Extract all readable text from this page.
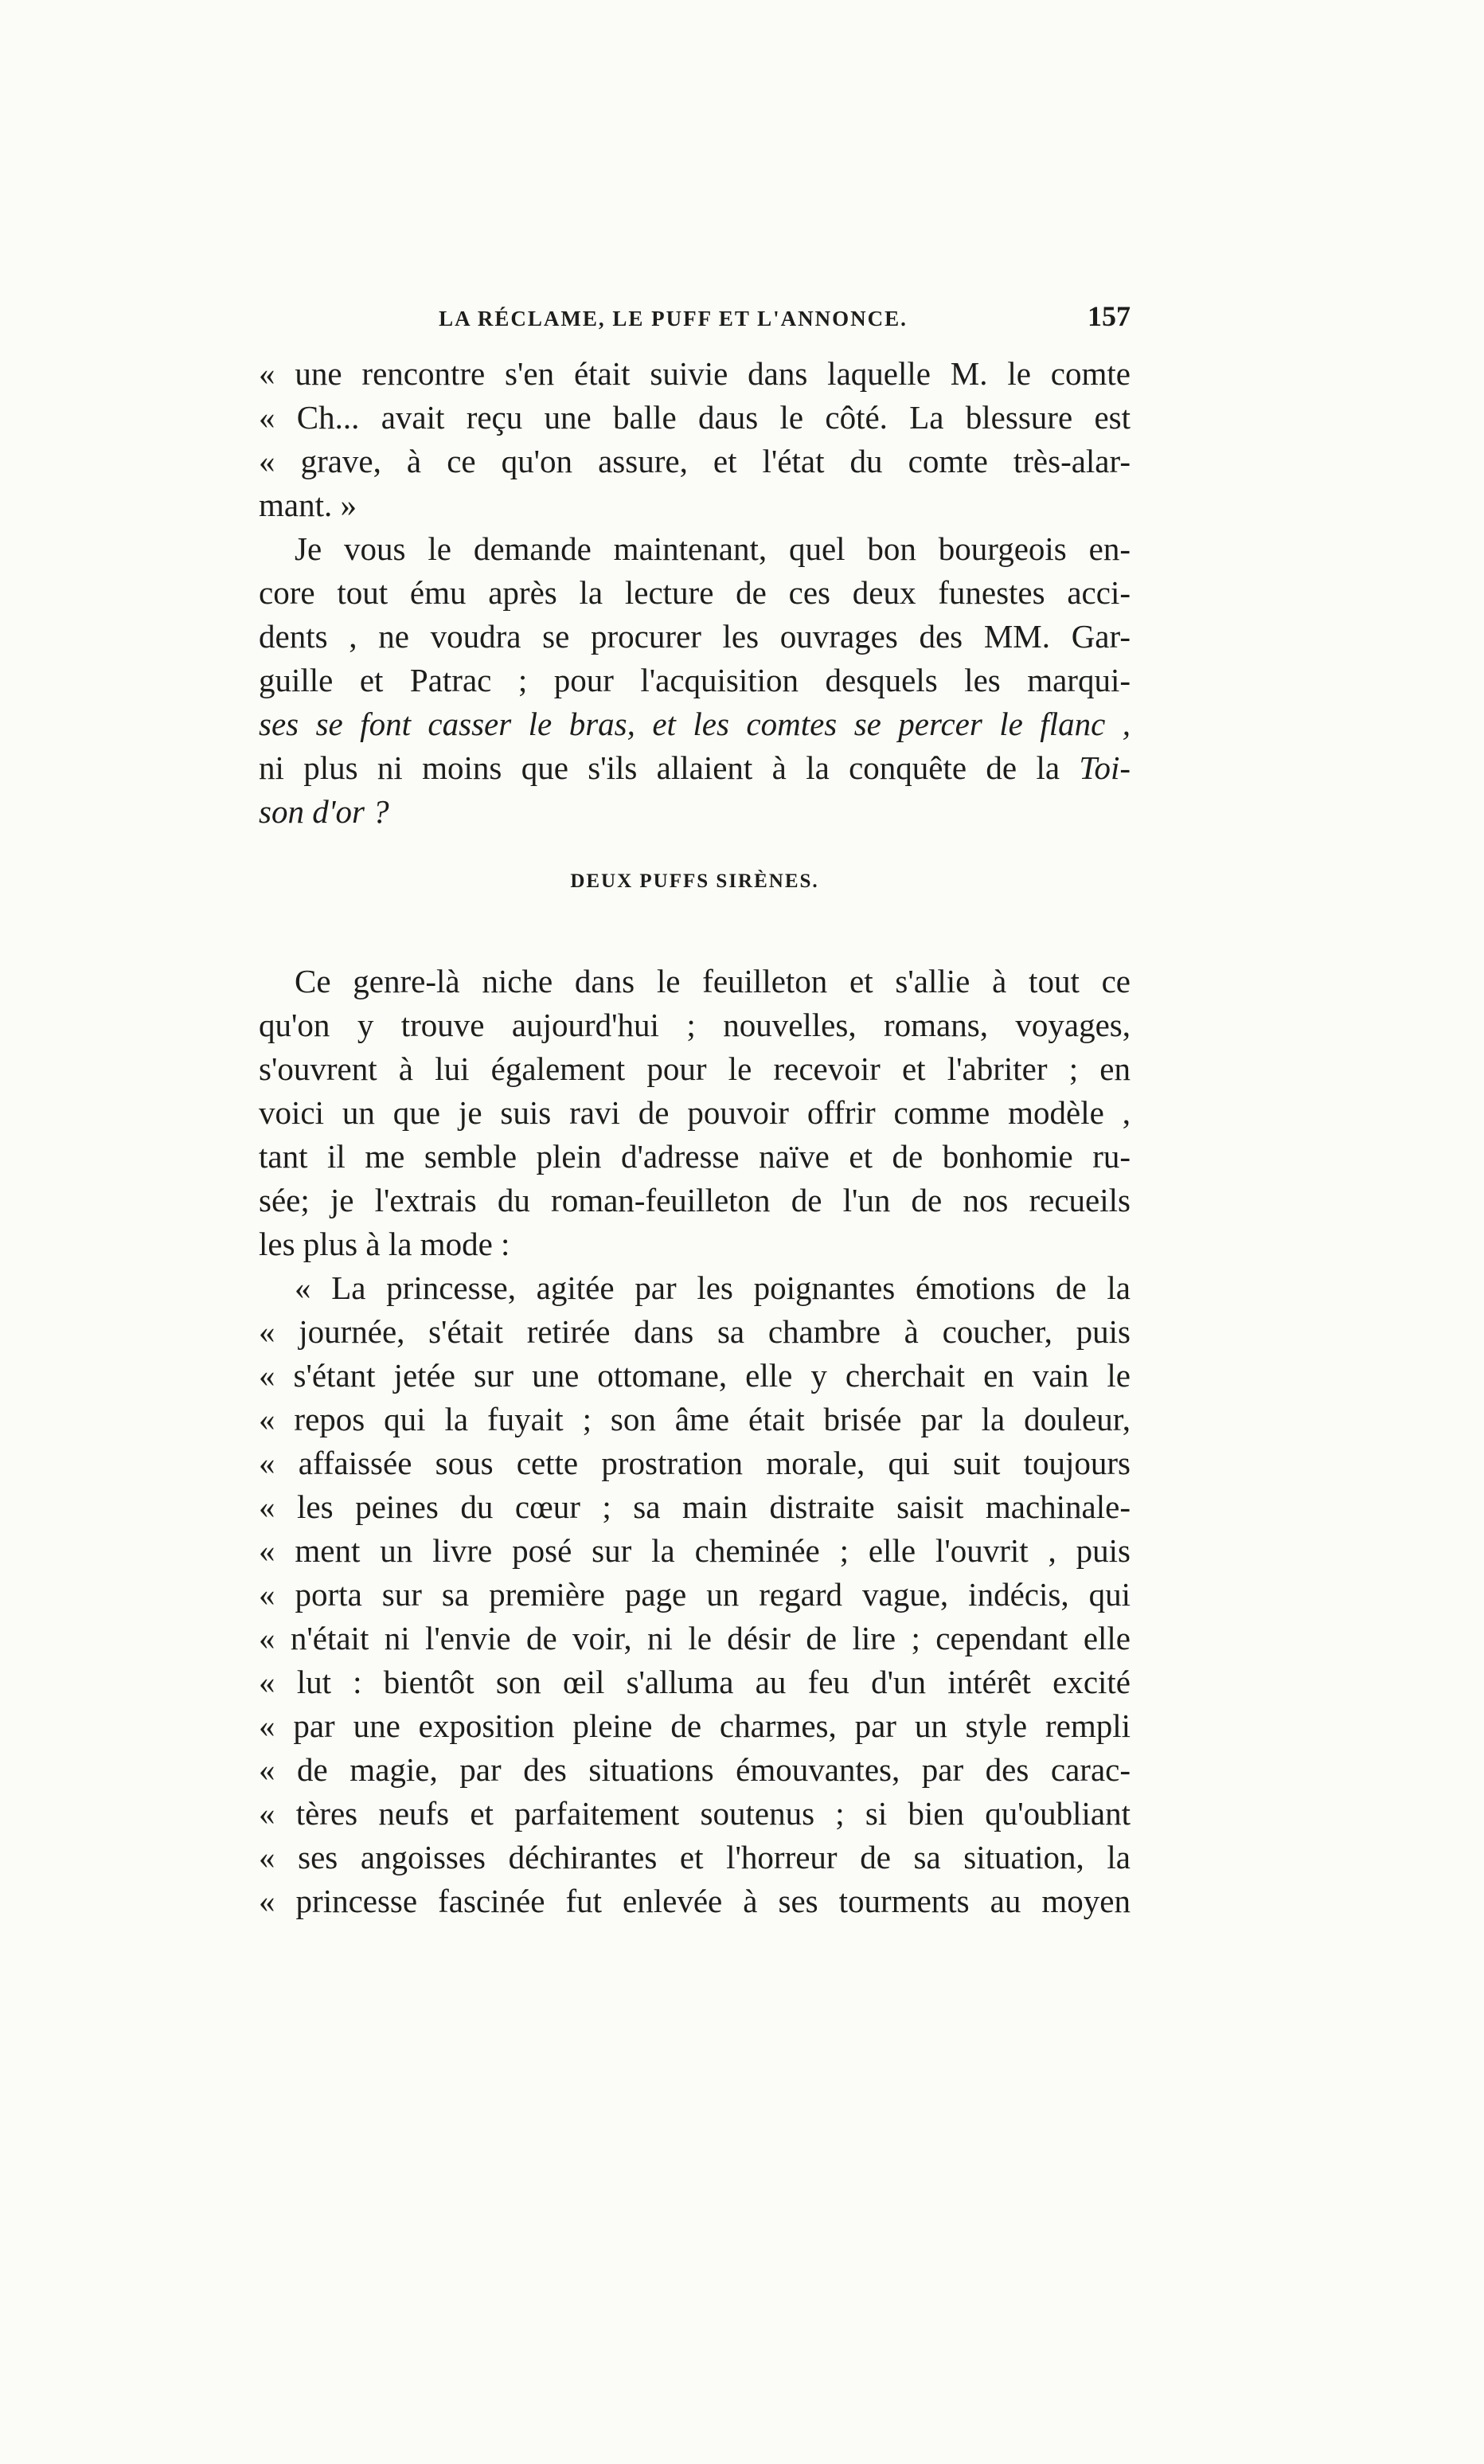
LA RÉCLAME, LE PUFF ET L'ANNONCE.	157
« une rencontre s'en était suivie dans laquelle M. le comte
« Ch... avait reçu une balle daus le côté. La blessure est
« grave, à ce qu'on assure, et l'état du comte très-alar-
mant. »
Je vous le demande maintenant, quel bon bourgeois en-
core tout ému après la lecture de ces deux funestes acci-
dents , ne voudra se procurer les ouvrages des MM. Gar-
guille et Patrac ; pour l'acquisition desquels les marqui-
ses se font casser le bras, et les comtes se percer le flanc ,
ni plus ni moins que s'ils allaient à la conquête de la Toi-
son d'or ?
DEUX PUFFS SIRÈNES.
Ce genre-là niche dans le feuilleton et s'allie à tout ce
qu'on y trouve aujourd'hui ; nouvelles, romans, voyages,
s'ouvrent à lui également pour le recevoir et l'abriter ; en
voici un que je suis ravi de pouvoir offrir comme modèle ,
tant il me semble plein d'adresse naïve et de bonhomie ru-
sée; je l'extrais du roman-feuilleton de l'un de nos recueils
les plus à la mode :
« La princesse, agitée par les poignantes émotions de la
« journée, s'était retirée dans sa chambre à coucher, puis
« s'étant jetée sur une ottomane, elle y cherchait en vain le
« repos qui la fuyait ; son âme était brisée par la douleur,
« affaissée sous cette prostration morale, qui suit toujours
« les peines du cœur ; sa main distraite saisit machinale-
« ment un livre posé sur la cheminée ; elle l'ouvrit , puis
« porta sur sa première page un regard vague, indécis, qui
« n'était ni l'envie de voir, ni le désir de lire ; cependant elle
« lut : bientôt son œil s'alluma au feu d'un intérêt excité
« par une exposition pleine de charmes, par un style rempli
« de magie, par des situations émouvantes, par des carac-
« tères neufs et parfaitement soutenus ; si bien qu'oubliant
« ses angoisses déchirantes et l'horreur de sa situation, la
« princesse fascinée fut enlevée à ses tourments au moyen
